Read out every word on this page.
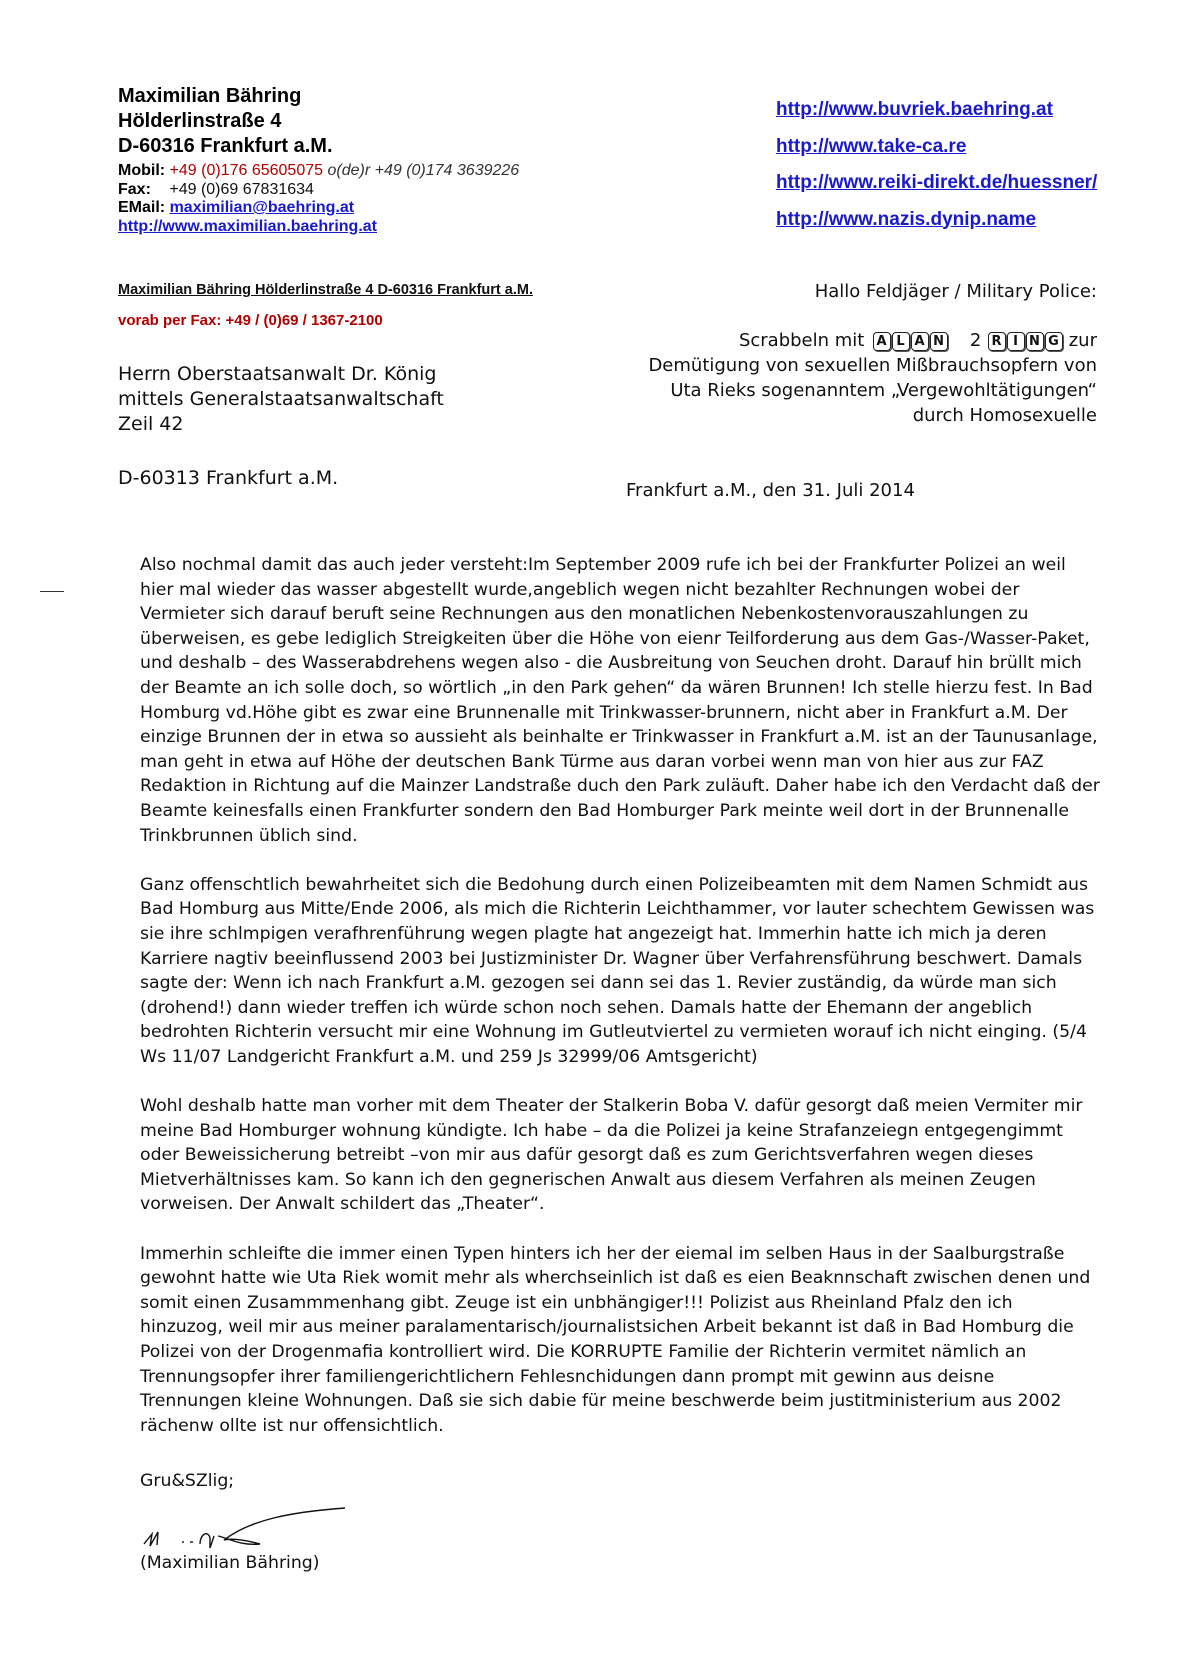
Maximilian Bähring
Hölderlinstraße 4
D-60316 Frankfurt a.M.
Mobil: +49 (0)176 65605075 o(de)r +49 (0)174 3639226
Fax: +49 (0)69 67831634
EMail: maximilian@baehring.at
http://www.maximilian.baehring.at
http://www.buvriek.baehring.at
http://www.take-ca.re
http://www.reiki-direkt.de/huessner/
http://www.nazis.dynip.name
Maximilian Bähring Hölderlinstraße 4 D-60316 Frankfurt a.M.
vorab per Fax: +49 / (0)69 / 1367-2100
Herrn Oberstaatsanwalt Dr. König
mittels Generalstaatsanwaltschaft
Zeil 42
D-60313 Frankfurt a.M.
Hallo Feldjäger / Military Police:
Scrabbeln mit A L A N 2 R I N G zur
Demütigung von sexuellen Mißbrauchsopfern von
Uta Rieks sogenanntem „Vergewohltätigungen“
durch Homosexuelle
Frankfurt a.M., den 31. Juli 2014

Also nochmal damit das auch jeder versteht:Im September 2009 rufe ich bei der Frankfurter Polizei an weil hier mal wieder das wasser abgestellt wurde,angeblich wegen nicht bezahlter Rechnungen wobei der Vermieter sich darauf beruft seine Rechnungen aus den monatlichen Nebenkostenvorauszahlungen zu überweisen, es gebe lediglich Streigkeiten über die Höhe von eienr Teilforderung aus dem Gas-/Wasser-Paket, und deshalb – des Wasserabdrehens wegen also - die Ausbreitung von Seuchen droht. Darauf hin brüllt mich der Beamte an ich solle doch, so wörtlich „in den Park gehen“ da wären Brunnen! Ich stelle hierzu fest. In Bad Homburg vd.Höhe gibt es zwar eine Brunnenalle mit Trinkwasser-brunnern, nicht aber in Frankfurt a.M. Der einzige Brunnen der in etwa so aussieht als beinhalte er Trinkwasser in Frankfurt a.M. ist an der Taunusanlage, man geht in etwa auf Höhe der deutschen Bank Türme aus daran vorbei wenn man von hier aus zur FAZ Redaktion in Richtung auf die Mainzer Landstraße duch den Park zuläuft. Daher habe ich den Verdacht daß der Beamte keinesfalls einen Frankfurter sondern den Bad Homburger Park meinte weil dort in der Brunnenalle Trinkbrunnen üblich sind.

Ganz offenschtlich bewahrheitet sich die Bedohung durch einen Polizeibeamten mit dem Namen Schmidt aus Bad Homburg aus Mitte/Ende 2006, als mich die Richterin Leichthammer, vor lauter schechtem Gewissen was sie ihre schlmpigen verafhrenführung wegen plagte hat angezeigt hat. Immerhin hatte ich mich ja deren Karriere nagtiv beeinflussend 2003 bei Justizminister Dr. Wagner über Verfahrensführung beschwert. Damals sagte der: Wenn ich nach Frankfurt a.M. gezogen sei dann sei das 1. Revier zuständig, da würde man sich (drohend!) dann wieder treffen ich würde schon noch sehen. Damals hatte der Ehemann der angeblich bedrohten Richterin versucht mir eine Wohnung im Gutleutviertel zu vermieten worauf ich nicht einging. (5/4 Ws 11/07 Landgericht Frankfurt a.M. und 259 Js 32999/06 Amtsgericht)

Wohl deshalb hatte man vorher mit dem Theater der Stalkerin Boba V. dafür gesorgt daß meien Vermiter mir meine Bad Homburger wohnung kündigte. Ich habe – da die Polizei ja keine Strafanzeiegn entgegengimmt oder Beweissicherung betreibt –von mir aus dafür gesorgt daß es zum Gerichtsverfahren wegen dieses Mietverhältnisses kam. So kann ich den gegnerischen Anwalt aus diesem Verfahren als meinen Zeugen vorweisen. Der Anwalt schildert das „Theater“.

Immerhin schleifte die immer einen Typen hinters ich her der eiemal im selben Haus in der Saalburgstraße gewohnt hatte wie Uta Riek womit mehr als wherchseinlich ist daß es eien Beaknnschaft zwischen denen und somit einen Zusammmenhang gibt. Zeuge ist ein unbhängiger!!! Polizist aus Rheinland Pfalz den ich hinzuzog, weil mir aus meiner paralamentarisch/journalistsichen Arbeit bekannt ist daß in Bad Homburg die Polizei von der Drogenmafia kontrolliert wird. Die KORRUPTE Familie der Richterin vermitet nämlich an Trennungsopfer ihrer familiengerichtlichern Fehlesnchidungen dann prompt mit gewinn aus deisne Trennungen kleine Wohnungen. Daß sie sich dabie für meine beschwerde beim justitministerium aus 2002 rächenw ollte ist nur offensichtlich.

Gru&SZlig;
(Maximilian Bähring)
